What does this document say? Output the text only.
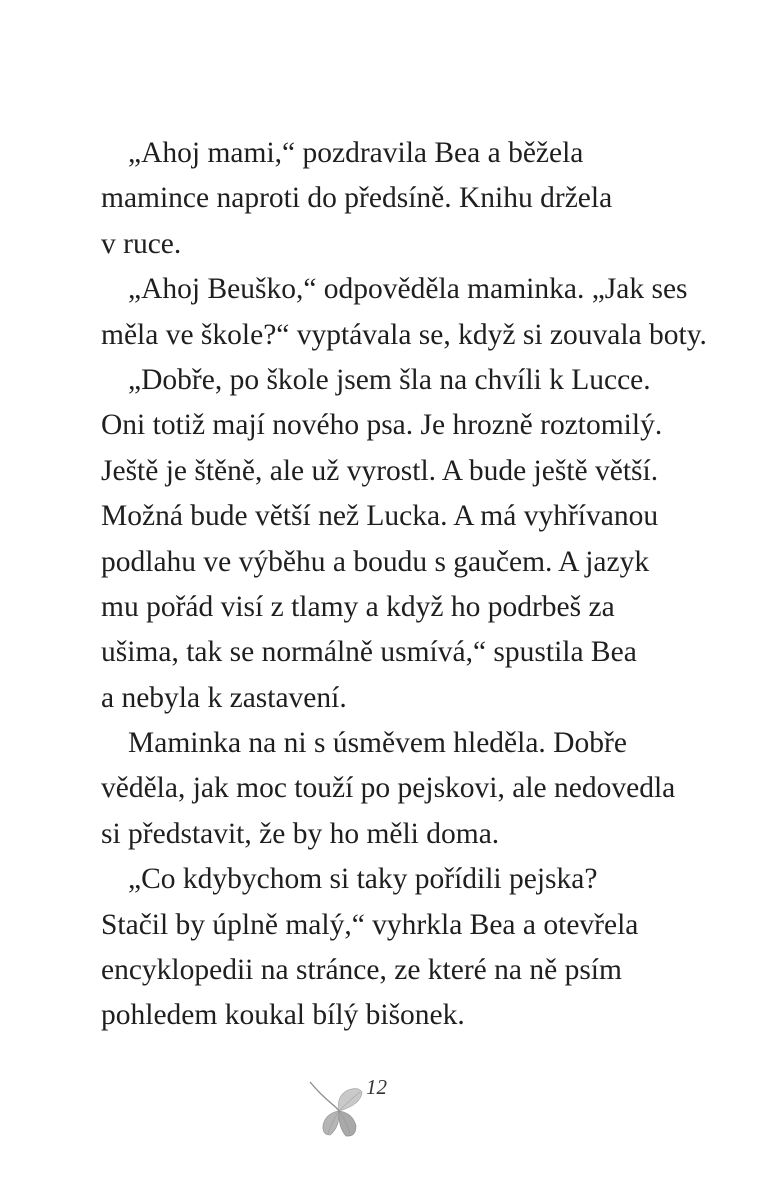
„Ahoj mami,“ pozdravila Bea a běžela
mamince naproti do předsíně. Knihu držela
v ruce.
„Ahoj Beuško,“ odpověděla maminka. „Jak ses
měla ve škole?“ vyptávala se, když si zouvala boty.
„Dobře, po škole jsem šla na chvíli k Lucce.
Oni totiž mají nového psa. Je hrozně roztomilý.
Ještě je štěně, ale už vyrostl. A bude ještě větší.
Možná bude větší než Lucka. A má vyhřívanou
podlahu ve výběhu a boudu s gaučem. A jazyk
mu pořád visí z tlamy a když ho podrbeš za
ušima, tak se normálně usmívá,“ spustila Bea
a nebyla k zastavení.
Maminka na ni s úsměvem hleděla. Dobře
věděla, jak moc touží po pejskovi, ale nedovedla
si představit, že by ho měli doma.
„Co kdybychom si taky pořídili pejska?
Stačil by úplně malý,“ vyhrkla Bea a otevřela
encyklopedii na stránce, ze které na ně psím
pohledem koukal bílý bišonek.
12
